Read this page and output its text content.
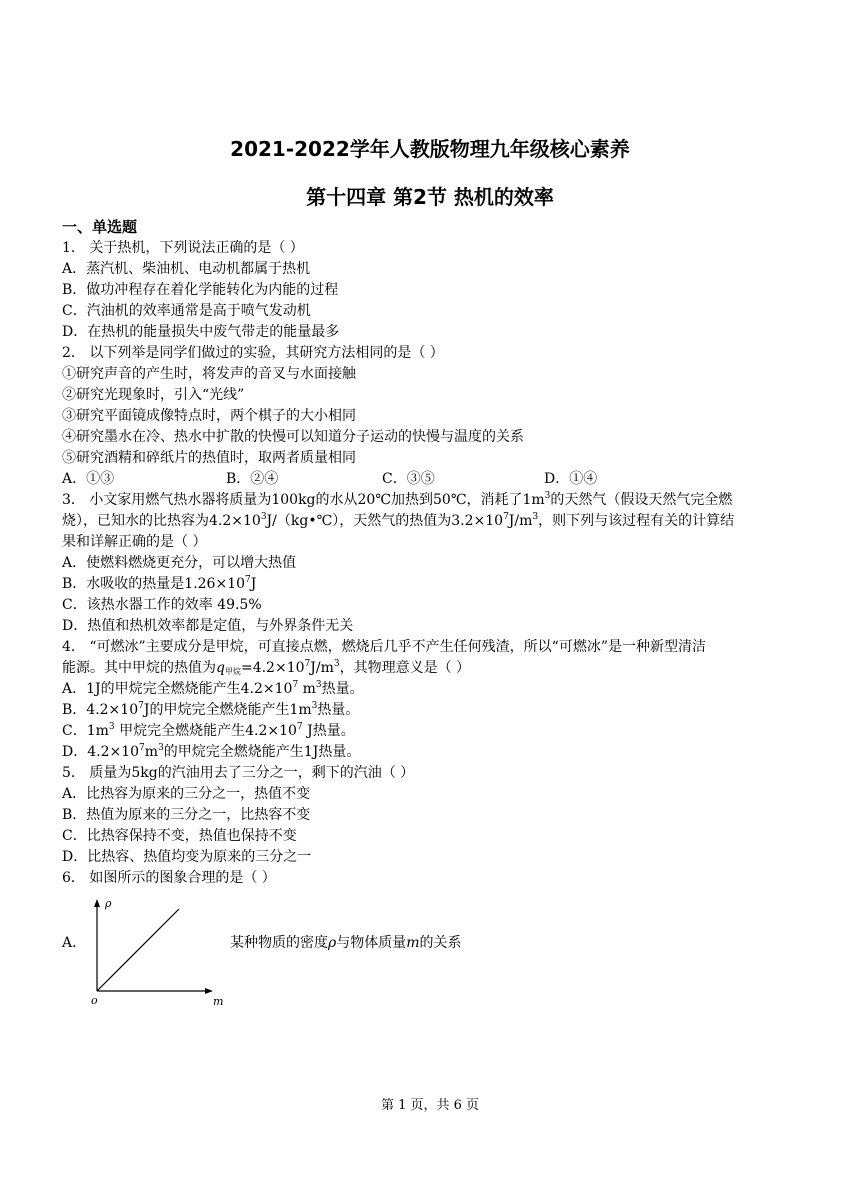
2021-2022学年人教版物理九年级核心素养
第十四章 第2节 热机的效率
一、单选题
1． 关于热机，下列说法正确的是（ ）
A．蒸汽机、柴油机、电动机都属于热机
B．做功冲程存在着化学能转化为内能的过程
C．汽油机的效率通常是高于喷气发动机
D．在热机的能量损失中废气带走的能量最多
2． 以下列举是同学们做过的实验，其研究方法相同的是（ ）
①研究声音的产生时，将发声的音叉与水面接触
②研究光现象时，引入“光线”
③研究平面镜成像特点时，两个棋子的大小相同
④研究墨水在冷、热水中扩散的快慢可以知道分子运动的快慢与温度的关系
⑤研究酒精和碎纸片的热值时，取两者质量相同
A．①③	B．②④	C．③⑤	D．①④
3． 小文家用燃气热水器将质量为100kg的水从20℃加热到50℃，消耗了$1m^3$的天然气（假设天然气完全燃
烧），已知水的比热容为$4.2\times 10^3J/(kg•℃)$，天然气的热值为$3.2\times 10^7J/m^3$，则下列与该过程有关的计算结
果和详解正确的是（ ）
A．使燃料燃烧更充分，可以增大热值
B．水吸收的热量是$1.26\times 10^7J$
C．该热水器工作的效率 49.5%
D．热值和热机效率都是定值，与外界条件无关
4． “可燃冰”主要成分是甲烷，可直接点燃，燃烧后几乎不产生任何残渣，所以“可燃冰”是一种新型清洁
能源。其中甲烷的热值为$q_{甲烷}=4.2\times 10^7J/m^3$，其物理意义是（ ）
A．1J的甲烷完全燃烧能产生$4.2\times 10^7$ $m^3$热量。
B．$4.2\times 10^7J$的甲烷完全燃烧能产生$1m^3$热量。
C．$1m^3$ 甲烷完全燃烧能产生$4.2\times 10^7$ J热量。
D．$4.2\times 10^7m^3$的甲烷完全燃烧能产生1J热量。
5． 质量为5kg的汽油用去了三分之一，剩下的汽油（ ）
A．比热容为原来的三分之一，热值不变
B．热值为原来的三分之一，比热容不变
C．比热容保持不变，热值也保持不变
D．比热容、热值均变为原来的三分之一
6． 如图所示的图象合理的是（ ）
A．
ρ
m
o
某种物质的密度ρ与物体质量m的关系
第 1 页，共 6 页
